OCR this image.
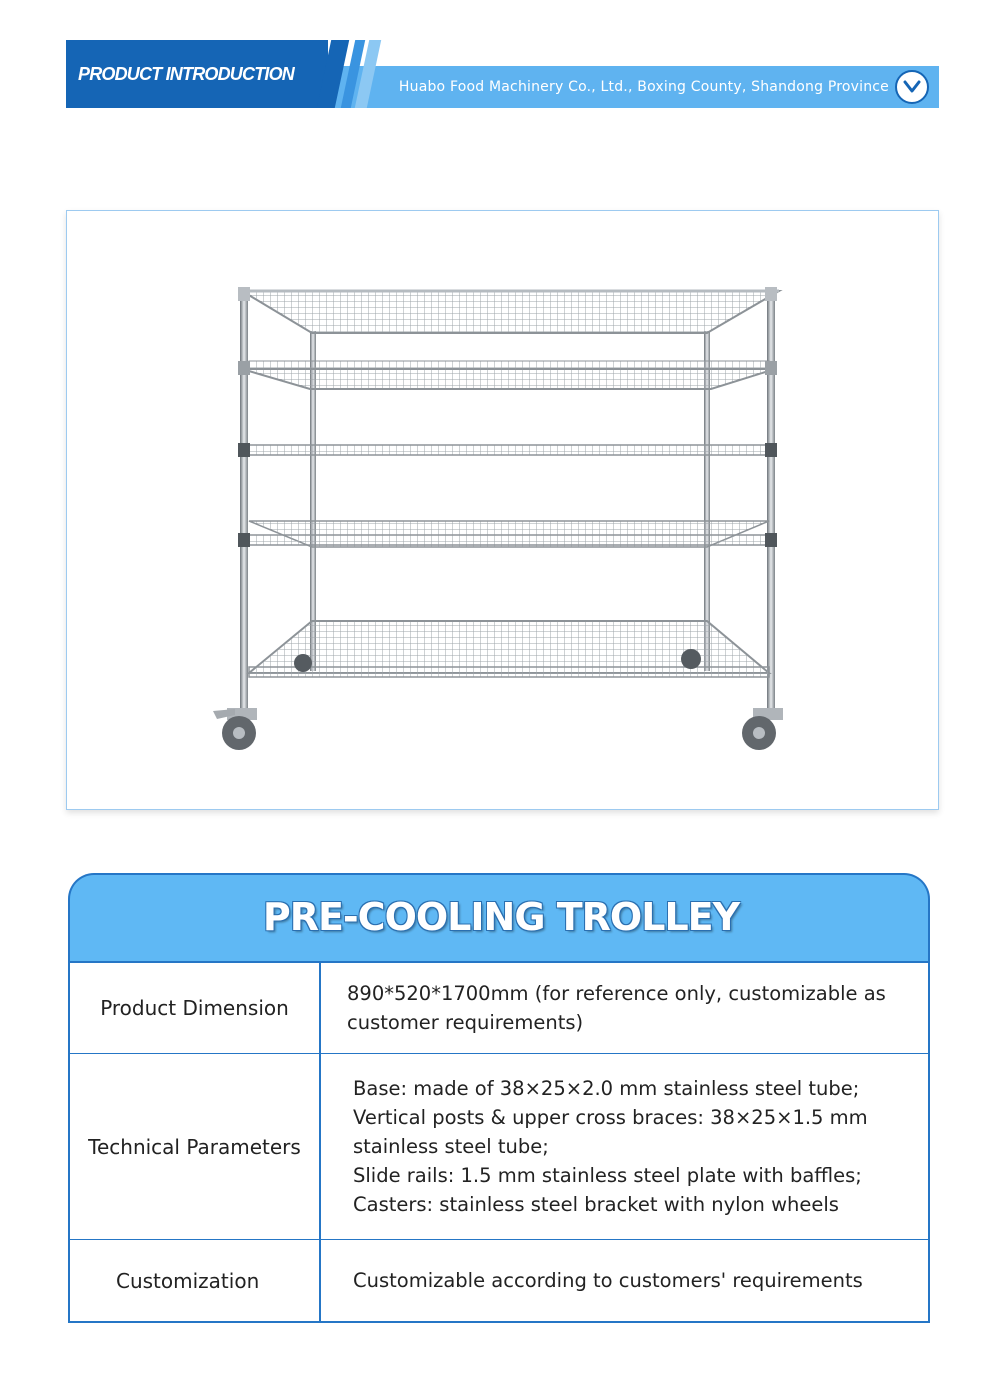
PRODUCT INTRODUCTION
Huabo Food Machinery Co., Ltd., Boxing County, Shandong Province
PRE-COOLING TROLLEY
Product Dimension
890*520*1700mm (for reference only, customizable as customer requirements)
Technical Parameters
Base: made of 38×25×2.0 mm stainless steel tube;
Vertical posts & upper cross braces: 38×25×1.5 mm
stainless steel tube;
Slide rails: 1.5 mm stainless steel plate with baffles;
Casters: stainless steel bracket with nylon wheels
Customization	Customizable according to customers' requirements
